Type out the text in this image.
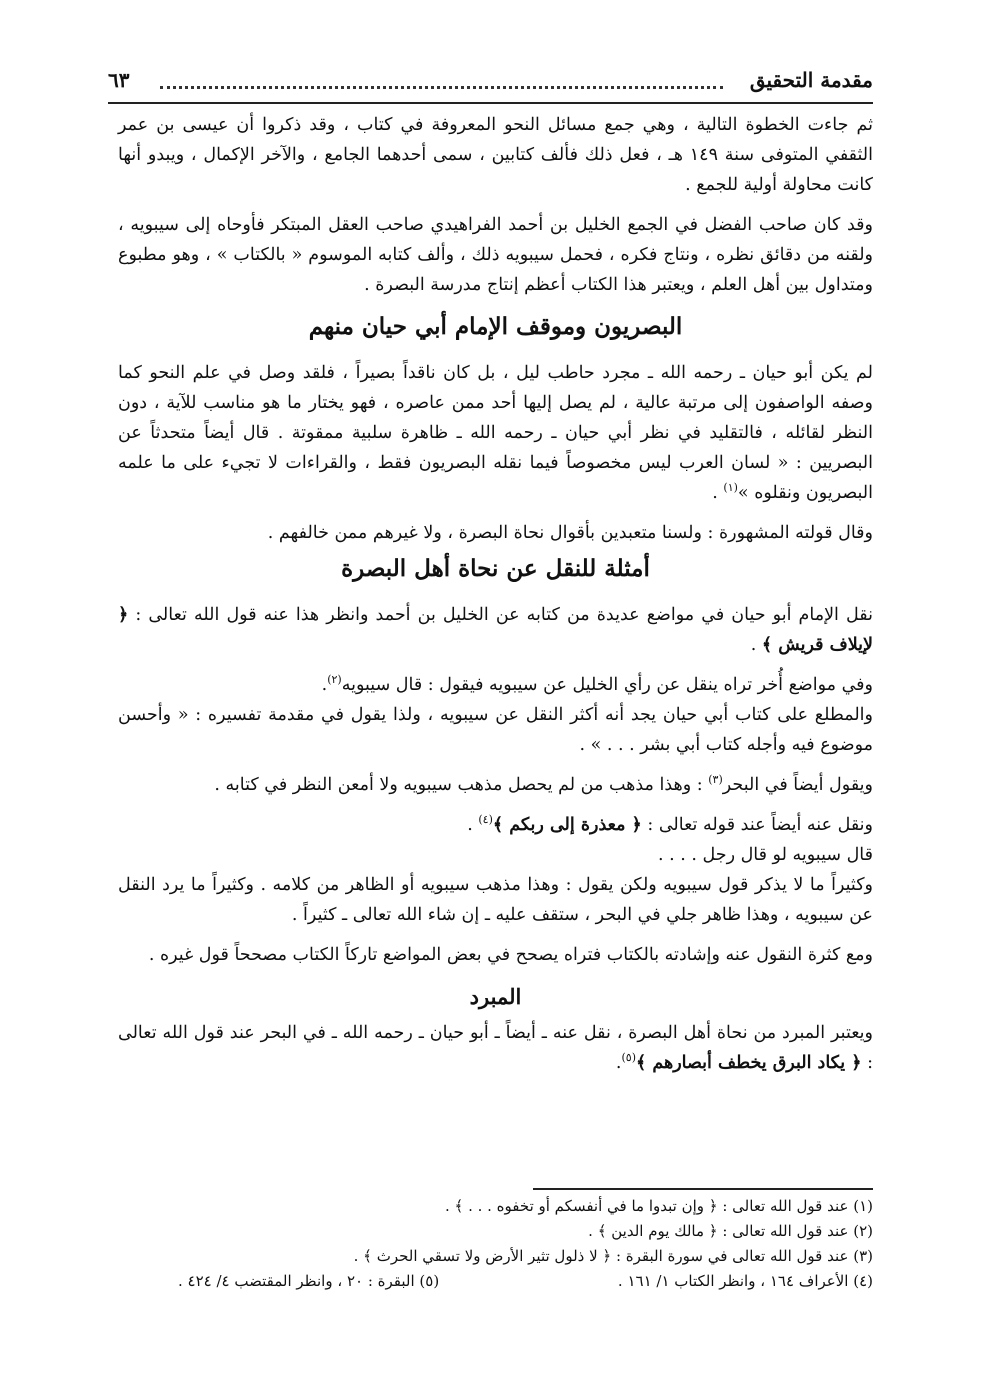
مقدمة التحقيق
٦٣

ثم جاءت الخطوة التالية ، وهي جمع مسائل النحو المعروفة في كتاب ، وقد ذكروا أن عيسى بن عمر الثقفي المتوفى سنة ١٤٩ هـ ، فعل ذلك فألف كتابين ، سمى أحدهما الجامع ، والآخر الإكمال ، ويبدو أنها كانت محاولة أولية للجمع .

وقد كان صاحب الفضل في الجمع الخليل بن أحمد الفراهيدي صاحب العقل المبتكر فأوحاه إلى سيبويه ، ولقنه من دقائق نظره ، ونتاج فكره ، فحمل سيبويه ذلك ، وألف كتابه الموسوم « بالكتاب » ، وهو مطبوع ومتداول بين أهل العلم ، ويعتبر هذا الكتاب أعظم إنتاج مدرسة البصرة .

البصريون وموقف الإمام أبي حيان منهم

لم يكن أبو حيان ـ رحمه الله ـ مجرد حاطب ليل ، بل كان ناقداً بصيراً ، فلقد وصل في علم النحو كما وصفه الواصفون إلى مرتبة عالية ، لم يصل إليها أحد ممن عاصره ، فهو يختار ما هو مناسب للآية ، دون النظر لقائله ، فالتقليد في نظر أبي حيان ـ رحمه الله ـ ظاهرة سلبية ممقوتة . قال أيضاً متحدثاً عن البصريين : « لسان العرب ليس مخصوصاً فيما نقله البصريون فقط ، والقراءات لا تجيء على ما علمه البصريون ونقلوه »$^{(١)}$ .

وقال قولته المشهورة : ولسنا متعبدين بأقوال نحاة البصرة ، ولا غيرهم ممن خالفهم .

أمثلة للنقل عن نحاة أهل البصرة

نقل الإمام أبو حيان في مواضع عديدة من كتابه عن الخليل بن أحمد وانظر هذا عنه قول الله تعالى : ﴿ لإيلاف قريش ﴾ .

وفي مواضع أُخر تراه ينقل عن رأي الخليل عن سيبويه فيقول : قال سيبويه$^{(٢)}$.

والمطلع على كتاب أبي حيان يجد أنه أكثر النقل عن سيبويه ، ولذا يقول في مقدمة تفسيره : « وأحسن موضوع فيه وأجله كتاب أبي بشر . . . » .

ويقول أيضاً في البحر$^{(٣)}$ : وهذا مذهب من لم يحصل مذهب سيبويه ولا أمعن النظر في كتابه .

ونقل عنه أيضاً عند قوله تعالى : ﴿ معذرة إلى ربكم ﴾$^{(٤)}$ .

قال سيبويه لو قال رجل . . . .

وكثيراً ما لا يذكر قول سيبويه ولكن يقول : وهذا مذهب سيبويه أو الظاهر من كلامه . وكثيراً ما يرد النقل عن سيبويه ، وهذا ظاهر جلي في البحر ، ستقف عليه ـ إن شاء الله تعالى ـ كثيراً .

ومع كثرة النقول عنه وإشادته بالكتاب فتراه يصحح في بعض المواضع تاركاً الكتاب مصححاً قول غيره .

المبرد

ويعتبر المبرد من نحاة أهل البصرة ، نقل عنه ـ أيضاً ـ أبو حيان ـ رحمه الله ـ في البحر عند قول الله تعالى : ﴿ يكاد البرق يخطف أبصارهم ﴾$^{(٥)}$.

(١) عند قول الله تعالى : ﴿ وإن تبدوا ما في أنفسكم أو تخفوه . . . ﴾ .
(٢) عند قول الله تعالى : ﴿ مالك يوم الدين ﴾ .
(٣) عند قول الله تعالى في سورة البقرة : ﴿ لا ذلول تثير الأرض ولا تسقي الحرث ﴾ .
(٤) الأعراف ١٦٤ ، وانظر الكتاب ١/ ١٦١ .
(٥) البقرة : ٢٠ ، وانظر المقتضب ٤/ ٤٢٤ .
